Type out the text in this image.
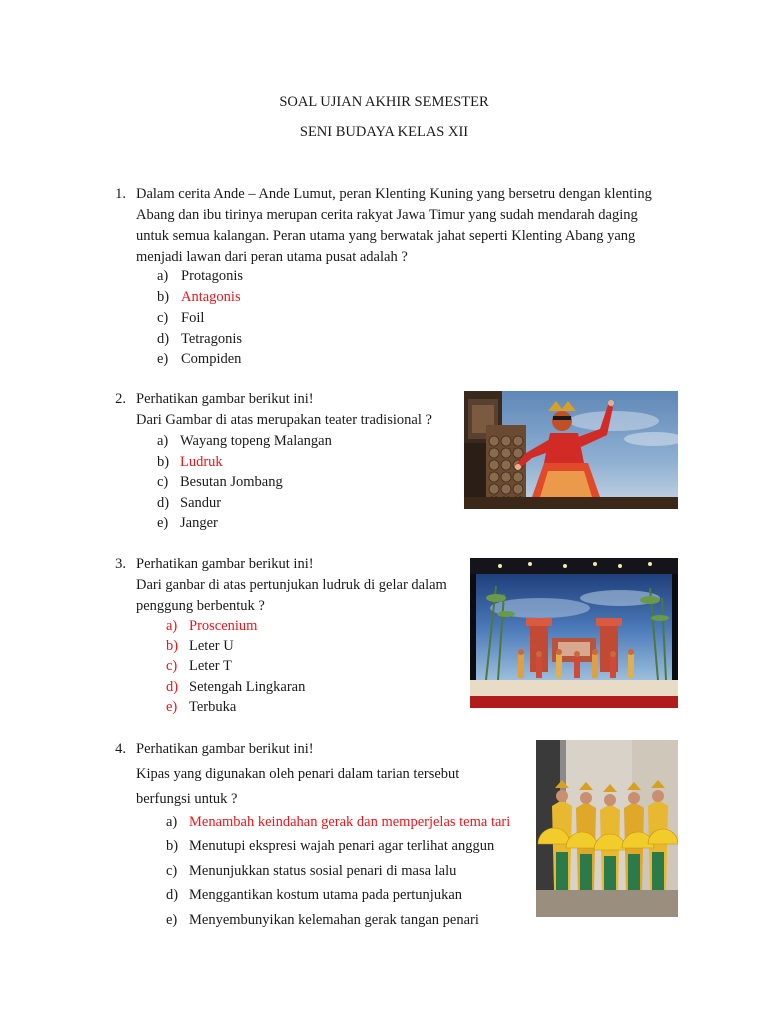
SOAL UJIAN AKHIR SEMESTER
SENI BUDAYA KELAS XII
1. Dalam cerita Ande – Ande Lumut, peran Klenting Kuning yang bersetru dengan klenting
Abang dan ibu tirinya merupan cerita rakyat Jawa Timur yang sudah mendarah daging
untuk semua kalangan. Peran utama yang berwatak jahat seperti Klenting Abang yang
menjadi lawan dari peran utama pusat adalah ?
a) Protagonis
b) Antagonis
c) Foil
d) Tetragonis
e) Compiden
2. Perhatikan gambar berikut ini!
Dari Gambar di atas merupakan teater tradisional ?
a) Wayang topeng Malangan
b) Ludruk
c) Besutan Jombang
d) Sandur
e) Janger
3. Perhatikan gambar berikut ini!
Dari ganbar di atas pertunjukan ludruk di gelar dalam
penggung berbentuk ?
a) Proscenium
b) Leter U
c) Leter T
d) Setengah Lingkaran
e) Terbuka
4. Perhatikan gambar berikut ini!
Kipas yang digunakan oleh penari dalam tarian tersebut
berfungsi untuk ?
a) Menambah keindahan gerak dan memperjelas tema tari
b) Menutupi ekspresi wajah penari agar terlihat anggun
c) Menunjukkan status sosial penari di masa lalu
d) Menggantikan kostum utama pada pertunjukan
e) Menyembunyikan kelemahan gerak tangan penari
